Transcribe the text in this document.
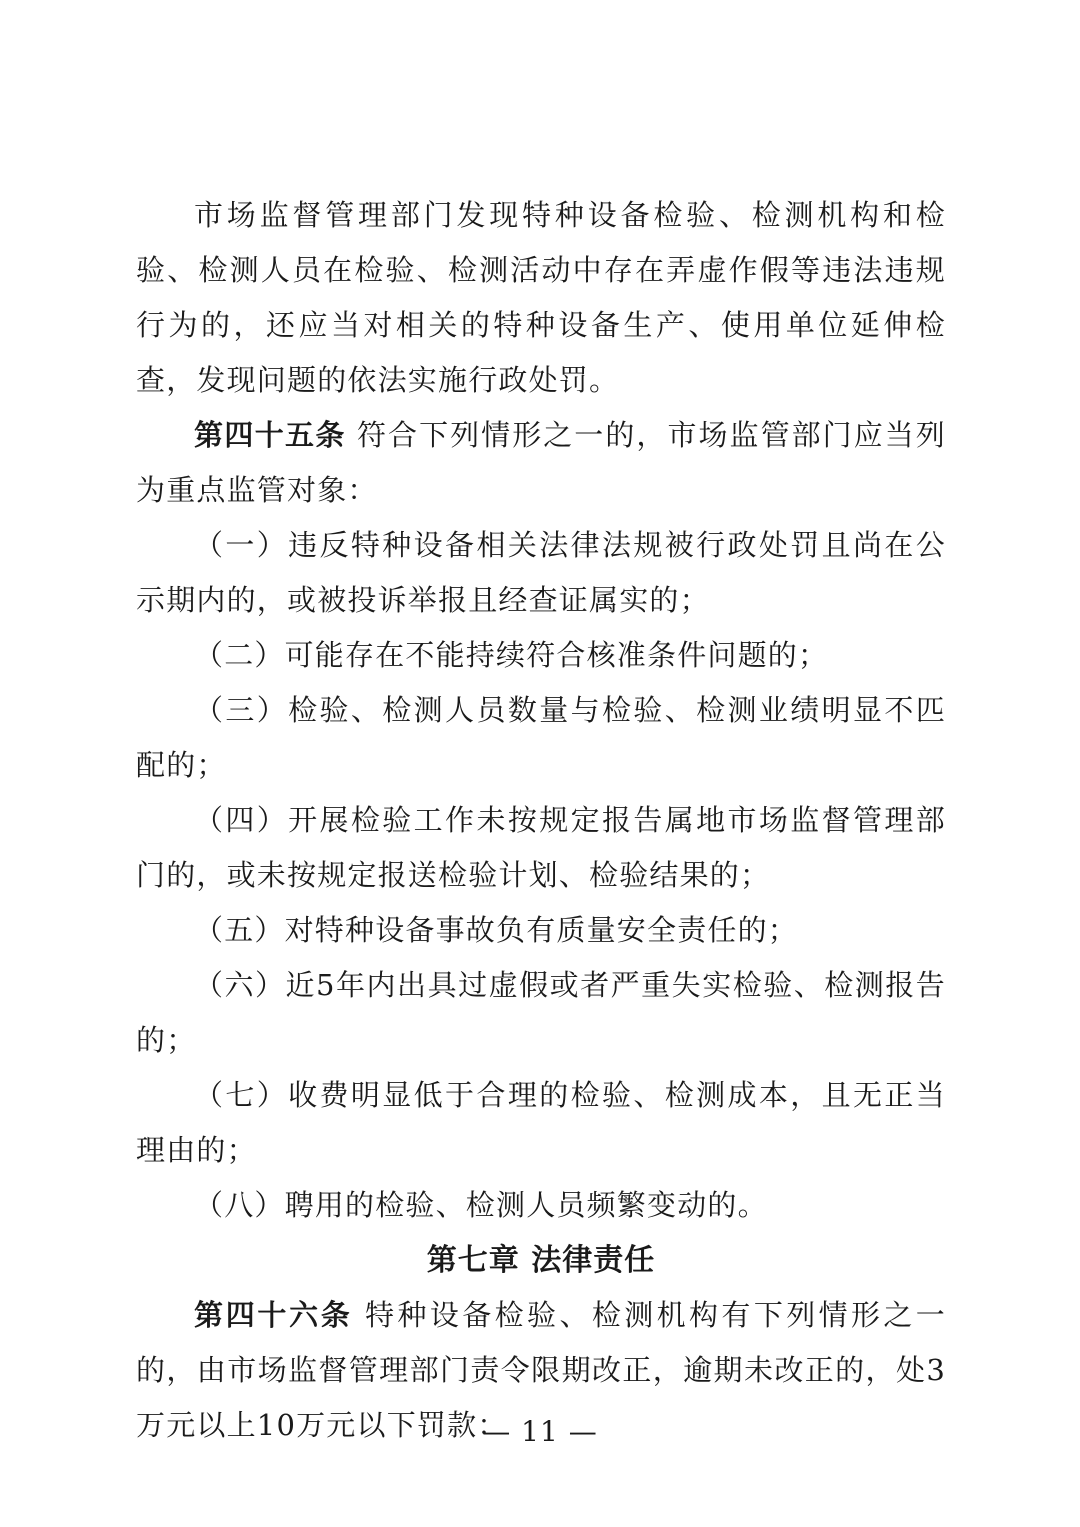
市场监督管理部门发现特种设备检验、检测机构和检验、检测人员在检验、检测活动中存在弄虚作假等违法违规行为的，还应当对相关的特种设备生产、使用单位延伸检查，发现问题的依法实施行政处罚。

第四十五条 符合下列情形之一的，市场监管部门应当列为重点监管对象：

（一）违反特种设备相关法律法规被行政处罚且尚在公示期内的，或被投诉举报且经查证属实的；

（二）可能存在不能持续符合核准条件问题的；

（三）检验、检测人员数量与检验、检测业绩明显不匹配的；

（四）开展检验工作未按规定报告属地市场监督管理部门的，或未按规定报送检验计划、检验结果的；

（五）对特种设备事故负有质量安全责任的；

（六）近5年内出具过虚假或者严重失实检验、检测报告的；

（七）收费明显低于合理的检验、检测成本，且无正当理由的；

（八）聘用的检验、检测人员频繁变动的。

第七章 法律责任

第四十六条 特种设备检验、检测机构有下列情形之一的，由市场监督管理部门责令限期改正，逾期未改正的，处3万元以上10万元以下罚款：

— 11 —
